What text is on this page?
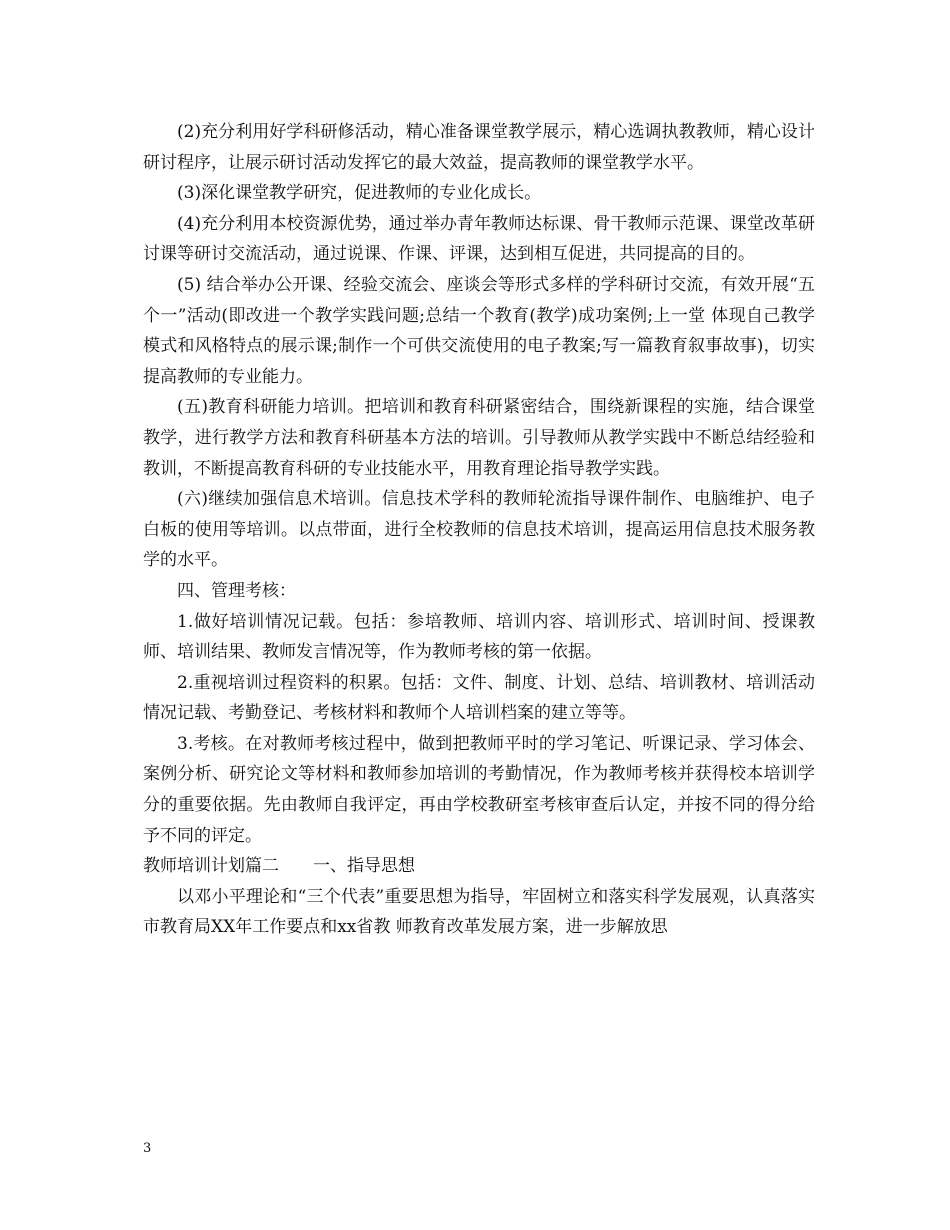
(2)充分利用好学科研修活动，精心准备课堂教学展示，精心选调执教教师，精心设计研讨程序，让展示研讨活动发挥它的最大效益，提高教师的课堂教学水平。

(3)深化课堂教学研究，促进教师的专业化成长。

(4)充分利用本校资源优势，通过举办青年教师达标课、骨干教师示范课、课堂改革研讨课等研讨交流活动，通过说课、作课、评课，达到相互促进，共同提高的目的。

(5) 结合举办公开课、经验交流会、座谈会等形式多样的学科研讨交流，有效开展“五个一”活动(即改进一个教学实践问题;总结一个教育(教学)成功案例;上一堂 体现自己教学模式和风格特点的展示课;制作一个可供交流使用的电子教案;写一篇教育叙事故事)，切实提高教师的专业能力。

(五)教育科研能力培训。把培训和教育科研紧密结合，围绕新课程的实施，结合课堂教学，进行教学方法和教育科研基本方法的培训。引导教师从教学实践中不断总结经验和教训，不断提高教育科研的专业技能水平，用教育理论指导教学实践。

(六)继续加强信息术培训。信息技术学科的教师轮流指导课件制作、电脑维护、电子白板的使用等培训。以点带面，进行全校教师的信息技术培训，提高运用信息技术服务教学的水平。

四、管理考核：

1.做好培训情况记载。包括：参培教师、培训内容、培训形式、培训时间、授课教师、培训结果、教师发言情况等，作为教师考核的第一依据。

2.重视培训过程资料的积累。包括：文件、制度、计划、总结、培训教材、培训活动情况记载、考勤登记、考核材料和教师个人培训档案的建立等等。

3.考核。在对教师考核过程中，做到把教师平时的学习笔记、听课记录、学习体会、案例分析、研究论文等材料和教师参加培训的考勤情况，作为教师考核并获得校本培训学分的重要依据。先由教师自我评定，再由学校教研室考核审查后认定，并按不同的得分给予不同的评定。

教师培训计划篇二　　一、指导思想

以邓小平理论和“三个代表”重要思想为指导，牢固树立和落实科学发展观，认真落实市教育局XX年工作要点和xx省教 师教育改革发展方案，进一步解放思

3
